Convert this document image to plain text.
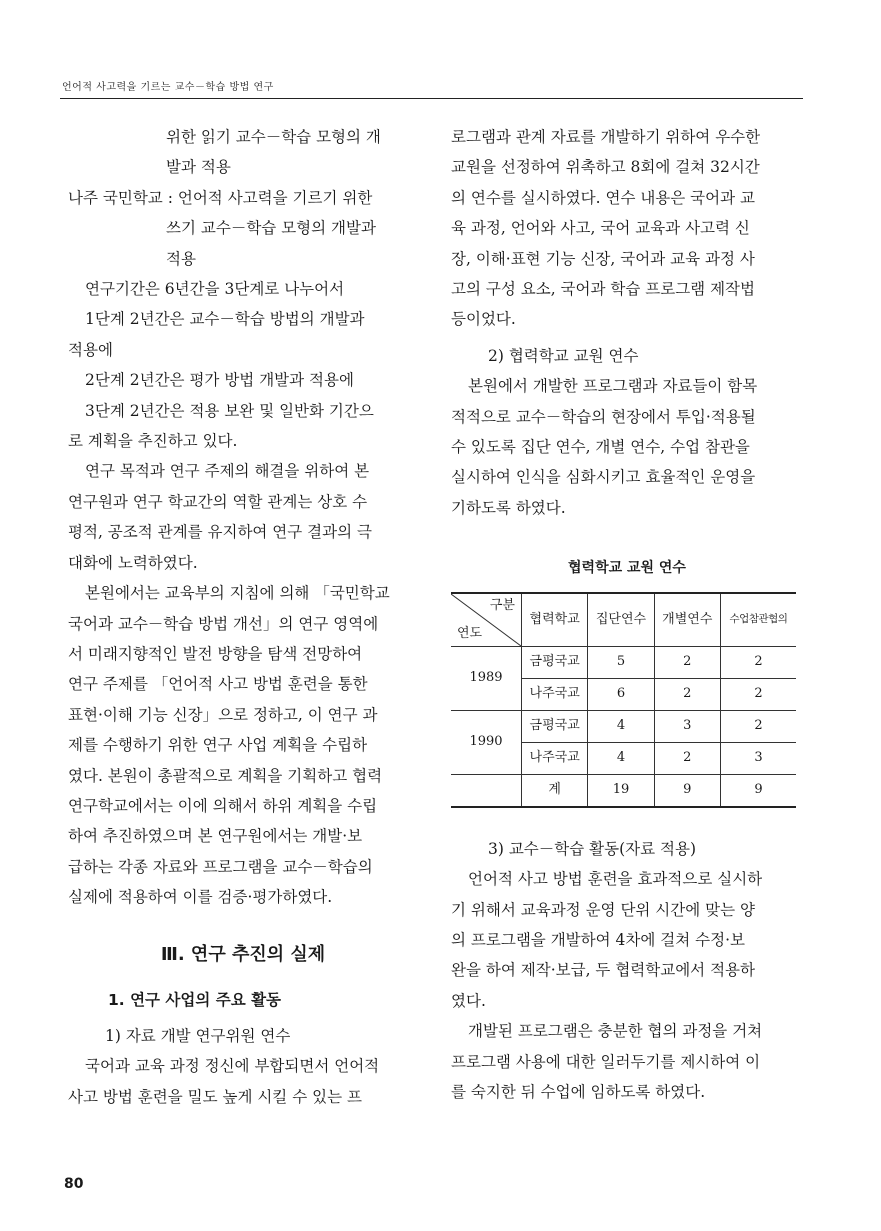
언어적 사고력을 기르는 교수－학습 방법 연구

위한 읽기 교수－학습 모형의 개

발과 적용

나주 국민학교 : 언어적 사고력을 기르기 위한

쓰기 교수－학습 모형의 개발과

적용

연구기간은 6년간을 3단계로 나누어서

1단계 2년간은 교수－학습 방법의 개발과

적용에

2단계 2년간은 평가 방법 개발과 적용에

3단계 2년간은 적용 보완 및 일반화 기간으

로 계획을 추진하고 있다.

연구 목적과 연구 주제의 해결을 위하여 본

연구원과 연구 학교간의 역할 관계는 상호 수

평적, 공조적 관계를 유지하여 연구 결과의 극

대화에 노력하였다.

본원에서는 교육부의 지침에 의해 「국민학교

국어과 교수－학습 방법 개선」의 연구 영역에

서 미래지향적인 발전 방향을 탐색 전망하여

연구 주제를 「언어적 사고 방법 훈련을 통한

표현·이해 기능 신장」으로 정하고, 이 연구 과

제를 수행하기 위한 연구 사업 계획을 수립하

였다. 본원이 총괄적으로 계획을 기획하고 협력

연구학교에서는 이에 의해서 하위 계획을 수립

하여 추진하였으며 본 연구원에서는 개발·보

급하는 각종 자료와 프로그램을 교수－학습의

실제에 적용하여 이를 검증·평가하였다.

Ⅲ. 연구 추진의 실제

1. 연구 사업의 주요 활동

1) 자료 개발 연구위원 연수

국어과 교육 과정 정신에 부합되면서 언어적

사고 방법 훈련을 밀도 높게 시킬 수 있는 프

로그램과 관계 자료를 개발하기 위하여 우수한

교원을 선정하여 위촉하고 8회에 걸쳐 32시간

의 연수를 실시하였다. 연수 내용은 국어과 교

육 과정, 언어와 사고, 국어 교육과 사고력 신

장, 이해·표현 기능 신장, 국어과 교육 과정 사

고의 구성 요소, 국어과 학습 프로그램 제작법

등이었다.

2) 협력학교 교원 연수

본원에서 개발한 프로그램과 자료들이 함목

적적으로 교수－학습의 현장에서 투입·적용될

수 있도록 집단 연수, 개별 연수, 수업 참관을

실시하여 인식을 심화시키고 효율적인 운영을

기하도록 하였다.

협력학교 교원 연수

구분
연도	협력학교	집단연수	개별연수	수업참관협의
1989	금평국교	5	2	2
	나주국교	6	2	2
1990	금평국교	4	3	2
	나주국교	4	2	3
	계	19	9	9

3) 교수－학습 활동(자료 적용)

언어적 사고 방법 훈련을 효과적으로 실시하

기 위해서 교육과정 운영 단위 시간에 맞는 양

의 프로그램을 개발하여 4차에 걸쳐 수정·보

완을 하여 제작·보급, 두 협력학교에서 적용하

였다.

개발된 프로그램은 충분한 협의 과정을 거쳐

프로그램 사용에 대한 일러두기를 제시하여 이

를 숙지한 뒤 수업에 임하도록 하였다.

80
